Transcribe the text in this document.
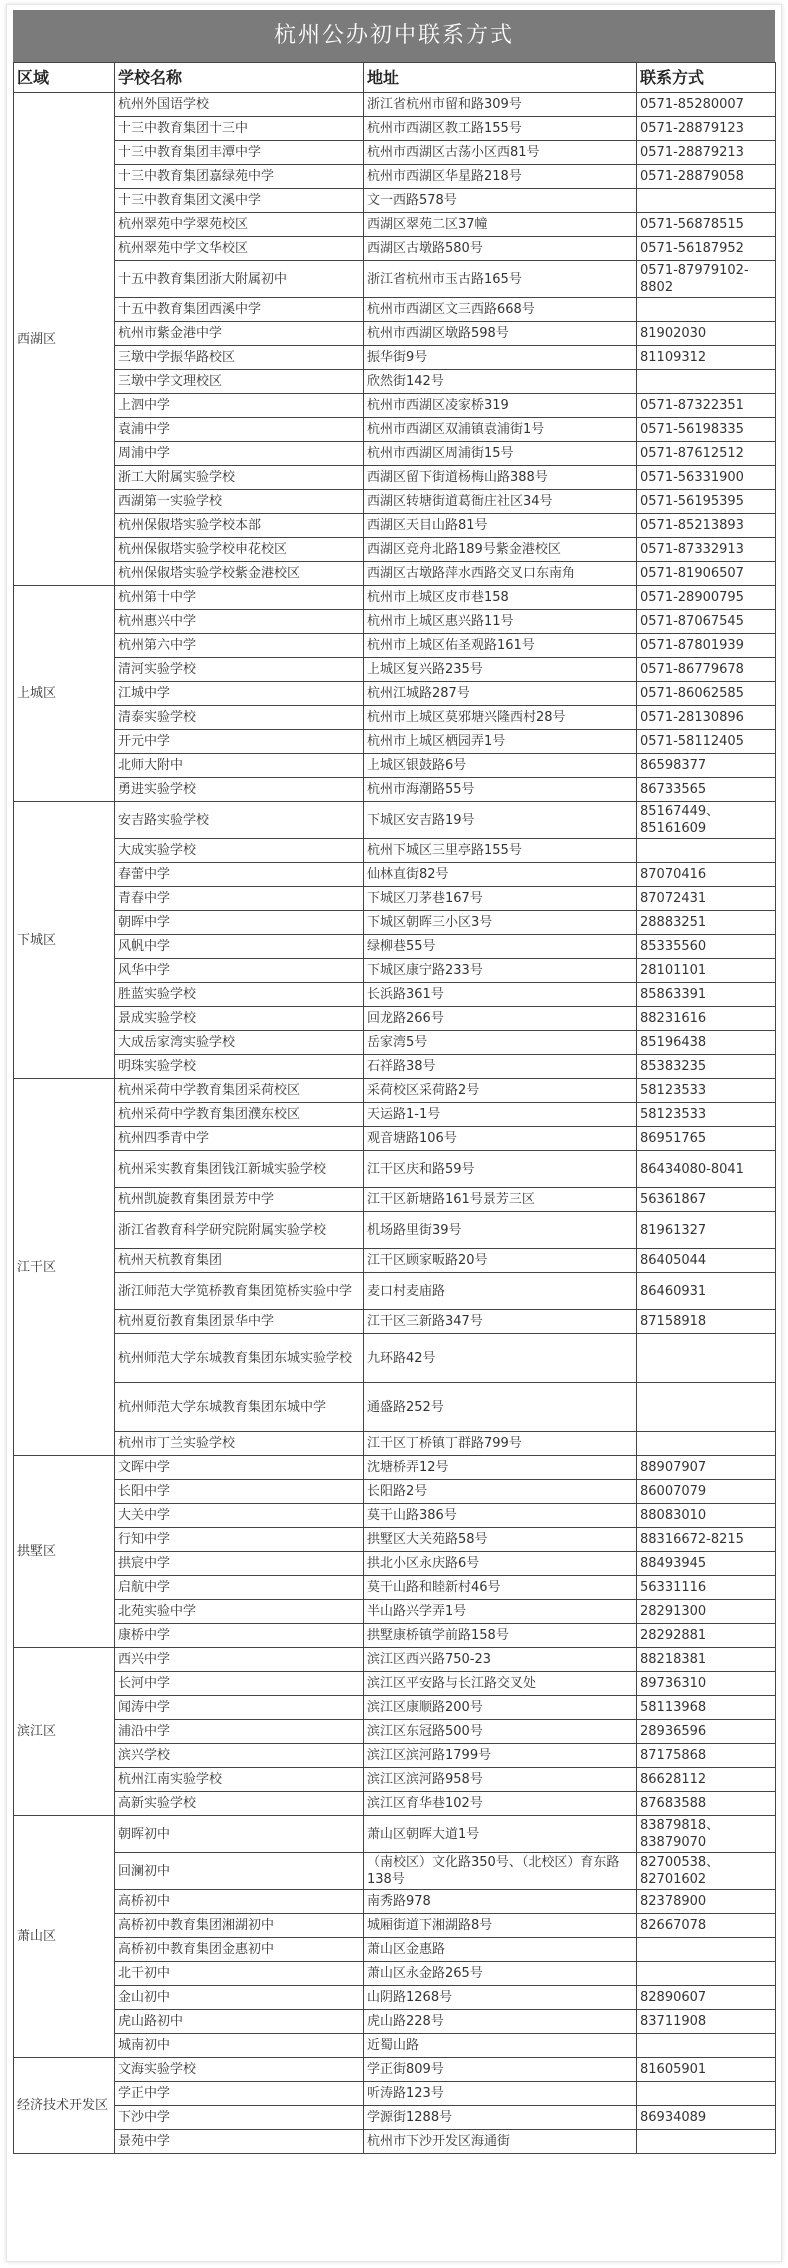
杭州公办初中联系方式
区域	学校名称	地址	联系方式
西湖区	杭州外国语学校	浙江省杭州市留和路309号	0571-85280007
	十三中教育集团十三中	杭州市西湖区教工路155号	0571-28879123
	十三中教育集团丰潭中学	杭州市西湖区古荡小区西81号	0571-28879213
	十三中教育集团嘉绿苑中学	杭州市西湖区华星路218号	0571-28879058
	十三中教育集团文溪中学	文一西路578号	
	杭州翠苑中学翠苑校区	西湖区翠苑二区37幢	0571-56878515
	杭州翠苑中学文华校区	西湖区古墩路580号	0571-56187952
	十五中教育集团浙大附属初中	浙江省杭州市玉古路165号	0571-87979102-8802
	十五中教育集团西溪中学	杭州市西湖区文三西路668号	
	杭州市紫金港中学	杭州市西湖区墩路598号	81902030
	三墩中学振华路校区	振华街9号	81109312
	三墩中学文理校区	欣然街142号	
	上泗中学	杭州市西湖区凌家桥319	0571-87322351
	袁浦中学	杭州市西湖区双浦镇袁浦街1号	0571-56198335
	周浦中学	杭州市西湖区周浦街15号	0571-87612512
	浙工大附属实验学校	西湖区留下街道杨梅山路388号	0571-56331900
	西湖第一实验学校	西湖区转塘街道葛衙庄社区34号	0571-56195395
	杭州保俶塔实验学校本部	西湖区天目山路81号	0571-85213893
	杭州保俶塔实验学校申花校区	西湖区竞舟北路189号紫金港校区	0571-87332913
	杭州保俶塔实验学校紫金港校区	西湖区古墩路萍水西路交叉口东南角	0571-81906507
上城区	杭州第十中学	杭州市上城区皮市巷158	0571-28900795
	杭州惠兴中学	杭州市上城区惠兴路11号	0571-87067545
	杭州第六中学	杭州市上城区佑圣观路161号	0571-87801939
	清河实验学校	上城区复兴路235号	0571-86779678
	江城中学	杭州江城路287号	0571-86062585
	清泰实验学校	杭州市上城区莫邪塘兴隆西村28号	0571-28130896
	开元中学	杭州市上城区栖园弄1号	0571-58112405
	北师大附中	上城区银鼓路6号	86598377
	勇进实验学校	杭州市海潮路55号	86733565
下城区	安吉路实验学校	下城区安吉路19号	85167449、85161609
	大成实验学校	杭州下城区三里亭路155号	
	春蕾中学	仙林直街82号	87070416
	青春中学	下城区刀茅巷167号	87072431
	朝晖中学	下城区朝晖三小区3号	28883251
	风帆中学	绿柳巷55号	85335560
	风华中学	下城区康宁路233号	28101101
	胜蓝实验学校	长浜路361号	85863391
	景成实验学校	回龙路266号	88231616
	大成岳家湾实验学校	岳家湾5号	85196438
	明珠实验学校	石祥路38号	85383235
江干区	杭州采荷中学教育集团采荷校区	采荷校区采荷路2号	58123533
	杭州采荷中学教育集团濮东校区	天运路1-1号	58123533
	杭州四季青中学	观音塘路106号	86951765
	杭州采实教育集团钱江新城实验学校	江干区庆和路59号	86434080-8041
	杭州凯旋教育集团景芳中学	江干区新塘路161号景芳三区	56361867
	浙江省教育科学研究院附属实验学校	机场路里街39号	81961327
	杭州天杭教育集团	江干区顾家畈路20号	86405044
	浙江师范大学笕桥教育集团笕桥实验中学	麦口村麦庙路	86460931
	杭州夏衍教育集团景华中学	江干区三新路347号	87158918
	杭州师范大学东城教育集团东城实验学校	九环路42号	
	杭州师范大学东城教育集团东城中学	通盛路252号	
	杭州市丁兰实验学校	江干区丁桥镇丁群路799号	
拱墅区	文晖中学	沈塘桥弄12号	88907907
	长阳中学	长阳路2号	86007079
	大关中学	莫干山路386号	88083010
	行知中学	拱墅区大关苑路58号	88316672-8215
	拱宸中学	拱北小区永庆路6号	88493945
	启航中学	莫干山路和睦新村46号	56331116
	北苑实验中学	半山路兴学弄1号	28291300
	康桥中学	拱墅康桥镇学前路158号	28292881
滨江区	西兴中学	滨江区西兴路750-23	88218381
	长河中学	滨江区平安路与长江路交叉处	89736310
	闻涛中学	滨江区康顺路200号	58113968
	浦沿中学	滨江区东冠路500号	28936596
	滨兴学校	滨江区滨河路1799号	87175868
	杭州江南实验学校	滨江区滨河路958号	86628112
	高新实验学校	滨江区育华巷102号	87683588
萧山区	朝晖初中	萧山区朝晖大道1号	83879818、83879070
	回澜初中	（南校区）文化路350号、（北校区）育东路138号	82700538、82701602
	高桥初中	南秀路978	82378900
	高桥初中教育集团湘湖初中	城厢街道下湘湖路8号	82667078
	高桥初中教育集团金惠初中	萧山区金惠路	
	北干初中	萧山区永金路265号	
	金山初中	山阴路1268号	82890607
	虎山路初中	虎山路228号	83711908
	城南初中	近蜀山路	
经济技术开发区	文海实验学校	学正街809号	81605901
	学正中学	听涛路123号	
	下沙中学	学源街1288号	86934089
	景苑中学	杭州市下沙开发区海通街	
